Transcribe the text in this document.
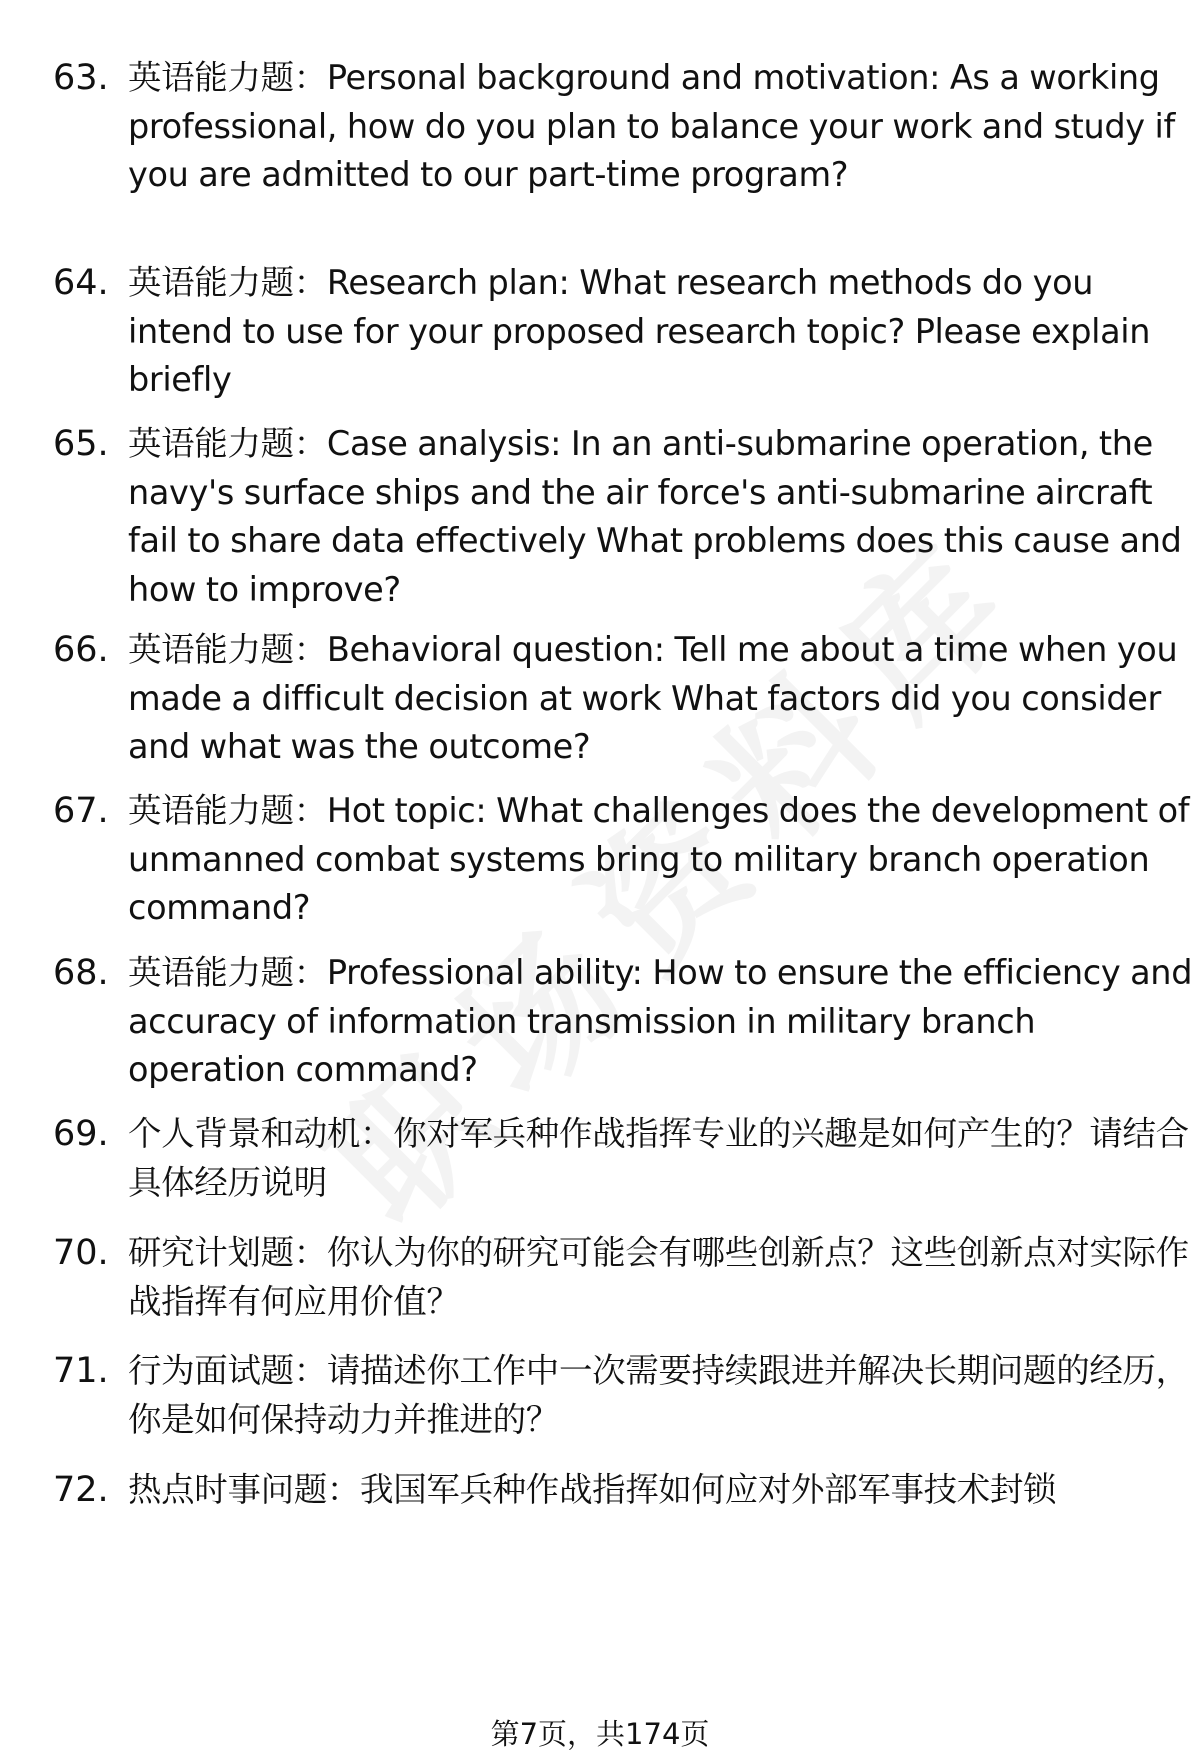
63. 英语能力题：Personal background and motivation: As a working professional, how do you plan to balance your work and study if you are admitted to our part-time program?
64. 英语能力题：Research plan: What research methods do you intend to use for your proposed research topic? Please explain briefly
65. 英语能力题：Case analysis: In an anti-submarine operation, the navy's surface ships and the air force's anti-submarine aircraft fail to share data effectively What problems does this cause and how to improve?
66. 英语能力题：Behavioral question: Tell me about a time when you made a difficult decision at work What factors did you consider and what was the outcome?
67. 英语能力题：Hot topic: What challenges does the development of unmanned combat systems bring to military branch operation command?
68. 英语能力题：Professional ability: How to ensure the efficiency and accuracy of information transmission in military branch operation command?
69. 个人背景和动机：你对军兵种作战指挥专业的兴趣是如何产生的？请结合具体经历说明
70. 研究计划题：你认为你的研究可能会有哪些创新点？这些创新点对实际作战指挥有何应用价值？
71. 行为面试题：请描述你工作中一次需要持续跟进并解决长期问题的经历，你是如何保持动力并推进的？
72. 热点时事问题：我国军兵种作战指挥如何应对外部军事技术封锁
第7页，共174页
